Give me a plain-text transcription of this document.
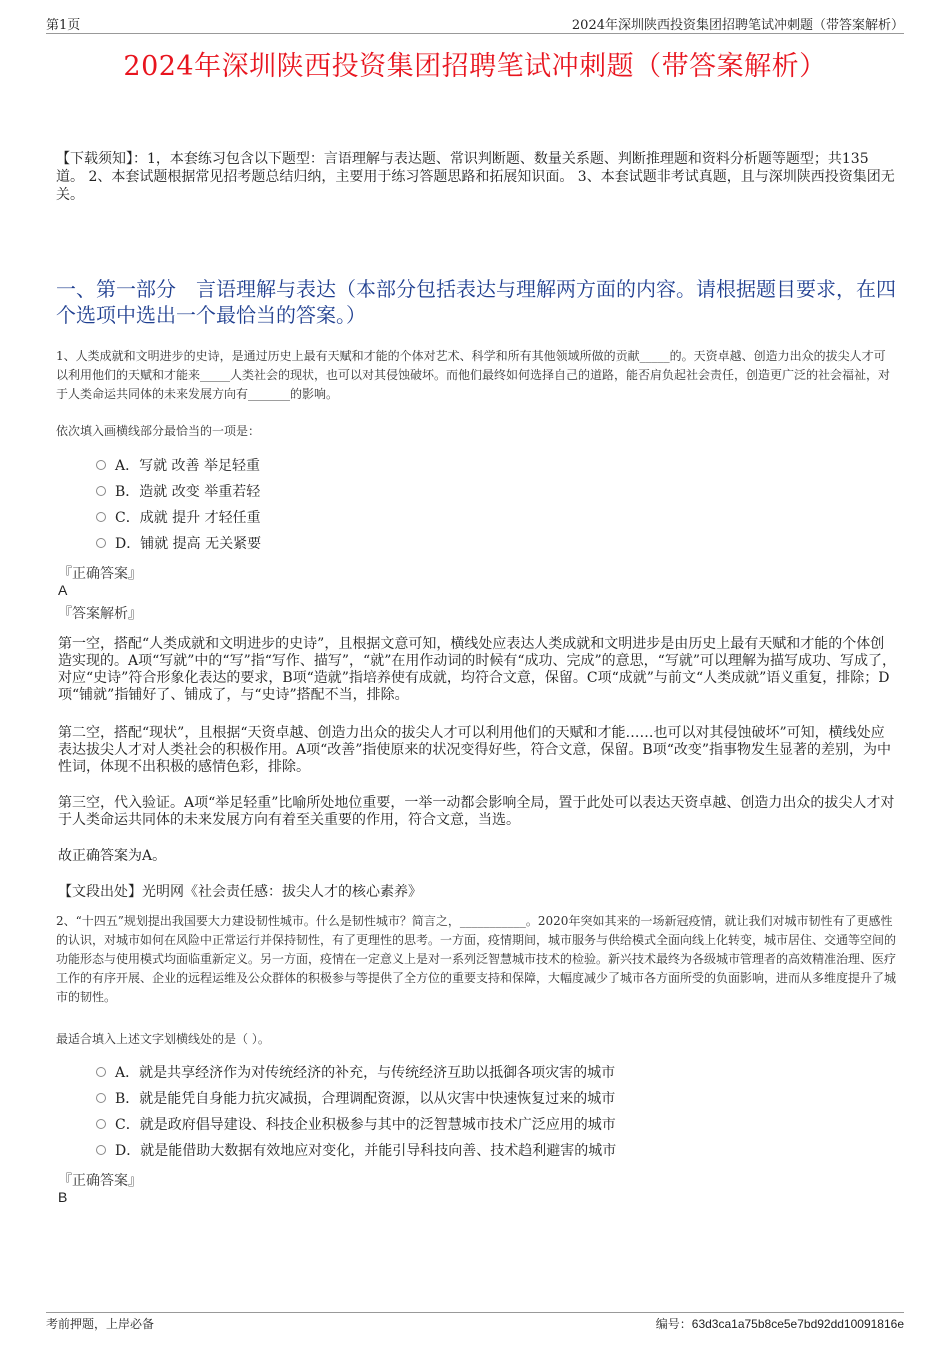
第1页	2024年深圳陕西投资集团招聘笔试冲刺题（带答案解析）
2024年深圳陕西投资集团招聘笔试冲刺题（带答案解析）
【下载须知】：1，本套练习包含以下题型：言语理解与表达题、常识判断题、数量关系题、判断推理题和资料分析题等题型；共135道。 2、本套试题根据常见招考题总结归纳，主要用于练习答题思路和拓展知识面。 3、本套试题非考试真题，且与深圳陕西投资集团无关。
一、第一部分　言语理解与表达（本部分包括表达与理解两方面的内容。请根据题目要求，在四个选项中选出一个最恰当的答案。）
1、人类成就和文明进步的史诗，是通过历史上最有天赋和才能的个体对艺术、科学和所有其他领域所做的贡献_____的。天资卓越、创造力出众的拔尖人才可以利用他们的天赋和才能来_____人类社会的现状，也可以对其侵蚀破坏。而他们最终如何选择自己的道路，能否肩负起社会责任，创造更广泛的社会福祉，对于人类命运共同体的未来发展方向有_______的影响。
依次填入画横线部分最恰当的一项是：
A．写就 改善 举足轻重
B．造就 改变 举重若轻
C．成就 提升 才轻任重
D．铺就 提高 无关紧要
『正确答案』
A
『答案解析』
第一空，搭配“人类成就和文明进步的史诗”，且根据文意可知，横线处应表达人类成就和文明进步是由历史上最有天赋和才能的个体创造实现的。A项“写就”中的“写”指“写作、描写”，“就”在用作动词的时候有“成功、完成”的意思，“写就”可以理解为描写成功、写成了，对应“史诗”符合形象化表达的要求，B项“造就”指培养使有成就，均符合文意，保留。C项“成就”与前文“人类成就”语义重复，排除；D项“铺就”指铺好了、铺成了，与“史诗”搭配不当，排除。
第二空，搭配“现状”，且根据“天资卓越、创造力出众的拔尖人才可以利用他们的天赋和才能……也可以对其侵蚀破坏”可知，横线处应表达拔尖人才对人类社会的积极作用。A项“改善”指使原来的状况变得好些，符合文意，保留。B项“改变”指事物发生显著的差别，为中性词，体现不出积极的感情色彩，排除。
第三空，代入验证。A项“举足轻重”比喻所处地位重要，一举一动都会影响全局，置于此处可以表达天资卓越、创造力出众的拔尖人才对于人类命运共同体的未来发展方向有着至关重要的作用，符合文意，当选。
故正确答案为A。
【文段出处】光明网《社会责任感：拔尖人才的核心素养》
2、“十四五”规划提出我国要大力建设韧性城市。什么是韧性城市？简言之，___________。2020年突如其来的一场新冠疫情，就让我们对城市韧性有了更感性的认识，对城市如何在风险中正常运行并保持韧性，有了更理性的思考。一方面，疫情期间，城市服务与供给模式全面向线上化转变，城市居住、交通等空间的功能形态与使用模式均面临重新定义。另一方面，疫情在一定意义上是对一系列泛智慧城市技术的检验。新兴技术最终为各级城市管理者的高效精准治理、医疗工作的有序开展、企业的远程运维及公众群体的积极参与等提供了全方位的重要支持和保障，大幅度减少了城市各方面所受的负面影响，进而从多维度提升了城市的韧性。
最适合填入上述文字划横线处的是（ ）。
A．就是共享经济作为对传统经济的补充，与传统经济互助以抵御各项灾害的城市
B．就是能凭自身能力抗灾减损，合理调配资源，以从灾害中快速恢复过来的城市
C．就是政府倡导建设、科技企业积极参与其中的泛智慧城市技术广泛应用的城市
D．就是能借助大数据有效地应对变化，并能引导科技向善、技术趋利避害的城市
『正确答案』
B
考前押题，上岸必备	编号：63d3ca1a75b8ce5e7bd92dd10091816e
